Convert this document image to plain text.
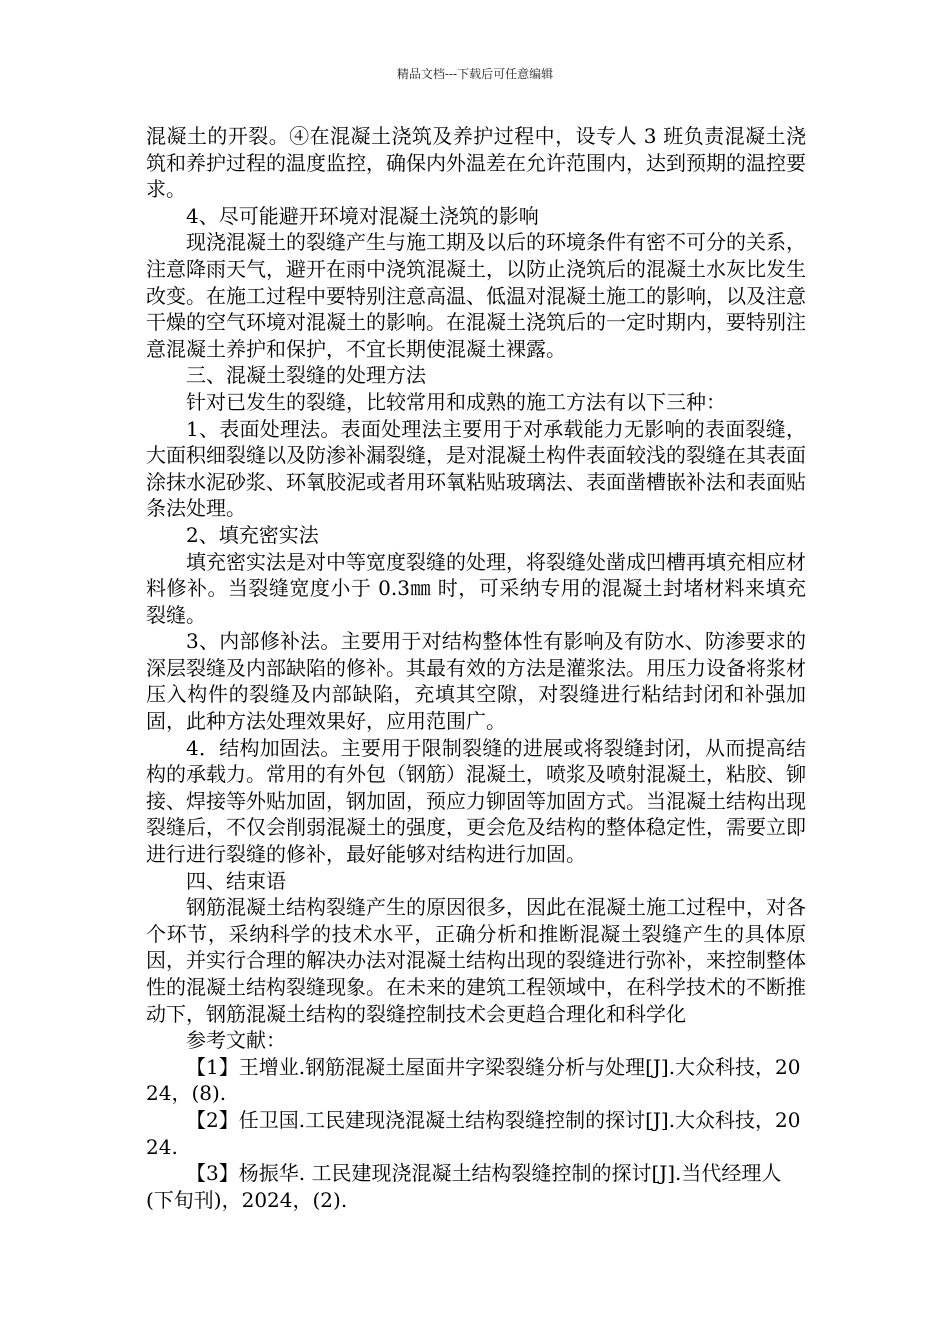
精品文档---下载后可任意编辑

混凝土的开裂。④在混凝土浇筑及养护过程中，设专人 3 班负责混凝土浇筑和养护过程的温度监控，确保内外温差在允许范围内，达到预期的温控要求。

4、尽可能避开环境对混凝土浇筑的影响

现浇混凝土的裂缝产生与施工期及以后的环境条件有密不可分的关系，注意降雨天气，避开在雨中浇筑混凝土，以防止浇筑后的混凝土水灰比发生改变。在施工过程中要特别注意高温、低温对混凝土施工的影响，以及注意干燥的空气环境对混凝土的影响。在混凝土浇筑后的一定时期内，要特别注意混凝土养护和保护，不宜长期使混凝土裸露。

三、混凝土裂缝的处理方法

针对已发生的裂缝，比较常用和成熟的施工方法有以下三种：

1、表面处理法。表面处理法主要用于对承载能力无影响的表面裂缝，大面积细裂缝以及防渗补漏裂缝，是对混凝土构件表面较浅的裂缝在其表面涂抹水泥砂浆、环氧胶泥或者用环氧粘贴玻璃法、表面凿槽嵌补法和表面贴条法处理。

2、填充密实法

填充密实法是对中等宽度裂缝的处理，将裂缝处凿成凹槽再填充相应材料修补。当裂缝宽度小于 0.3㎜ 时，可采纳专用的混凝土封堵材料来填充裂缝。

3、内部修补法。主要用于对结构整体性有影响及有防水、防渗要求的深层裂缝及内部缺陷的修补。其最有效的方法是灌浆法。用压力设备将浆材压入构件的裂缝及内部缺陷，充填其空隙，对裂缝进行粘结封闭和补强加固，此种方法处理效果好，应用范围广。

4．结构加固法。主要用于限制裂缝的进展或将裂缝封闭，从而提高结构的承载力。常用的有外包（钢筋）混凝土，喷浆及喷射混凝土，粘胶、铆接、焊接等外贴加固，钢加固，预应力铆固等加固方式。当混凝土结构出现裂缝后，不仅会削弱混凝土的强度，更会危及结构的整体稳定性，需要立即进行进行裂缝的修补，最好能够对结构进行加固。

四、结束语

钢筋混凝土结构裂缝产生的原因很多，因此在混凝土施工过程中，对各个环节，采纳科学的技术水平，正确分析和推断混凝土裂缝产生的具体原因，并实行合理的解决办法对混凝土结构出现的裂缝进行弥补，来控制整体性的混凝土结构裂缝现象。在未来的建筑工程领域中，在科学技术的不断推动下，钢筋混凝土结构的裂缝控制技术会更趋合理化和科学化

参考文献：

【1】王增业.钢筋混凝土屋面井字梁裂缝分析与处理[J].大众科技，2024，(8).

【2】任卫国.工民建现浇混凝土结构裂缝控制的探讨[J].大众科技，2024.

【3】杨振华. 工民建现浇混凝土结构裂缝控制的探讨[J].当代经理人(下旬刊)，2024，(2).
